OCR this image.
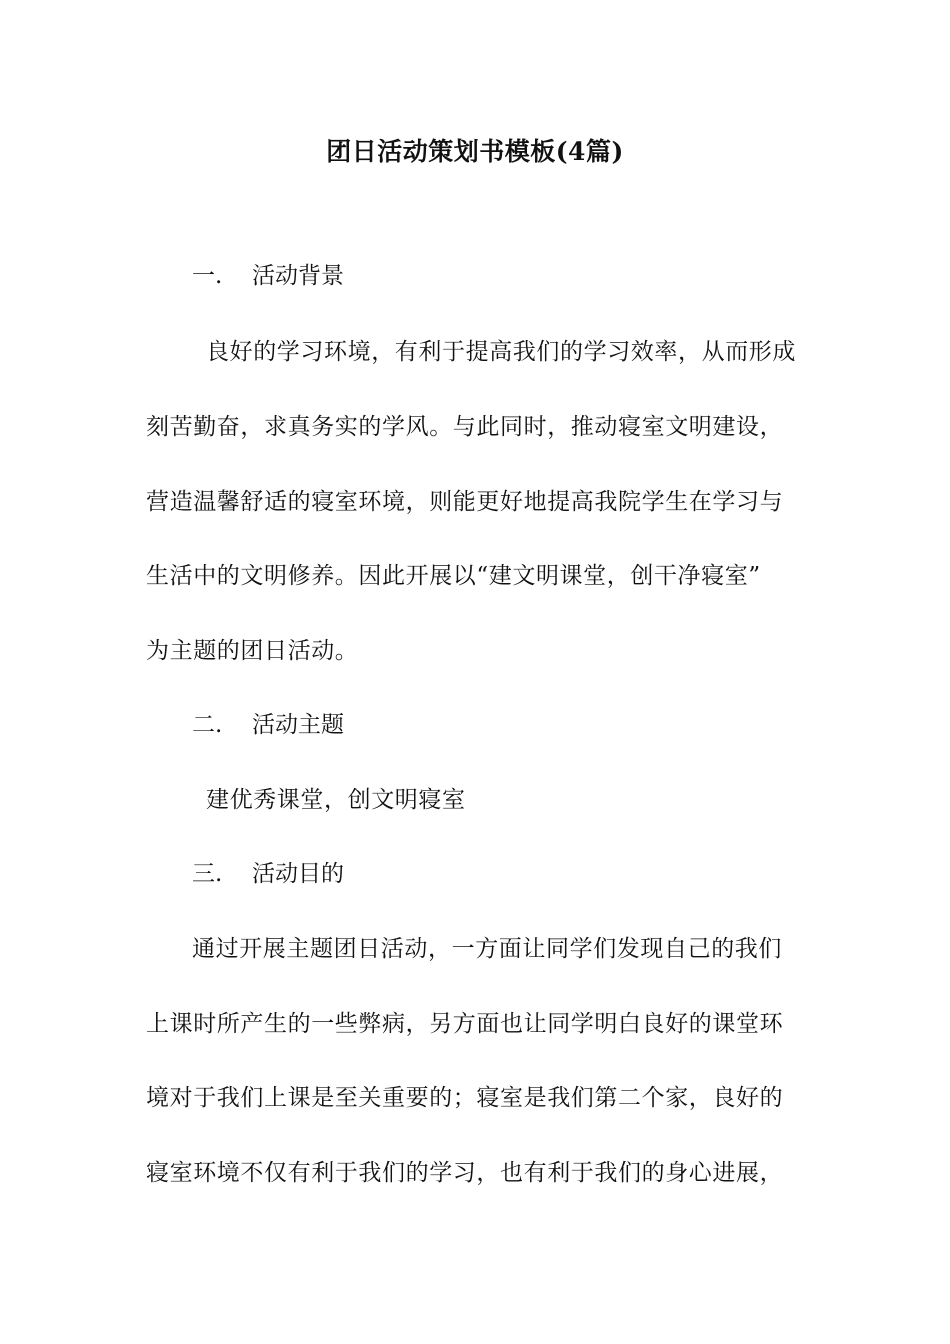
团日活动策划书模板(4篇)
一. 活动背景
良好的学习环境，有利于提高我们的学习效率，从而形成
刻苦勤奋，求真务实的学风。与此同时，推动寝室文明建设，
营造温馨舒适的寝室环境，则能更好地提高我院学生在学习与
生活中的文明修养。因此开展以“建文明课堂，创干净寝室”
为主题的团日活动。
二. 活动主题
建优秀课堂，创文明寝室
三. 活动目的
通过开展主题团日活动，一方面让同学们发现自己的我们
上课时所产生的一些弊病，另方面也让同学明白良好的课堂环
境对于我们上课是至关重要的；寝室是我们第二个家，良好的
寝室环境不仅有利于我们的学习，也有利于我们的身心进展，
